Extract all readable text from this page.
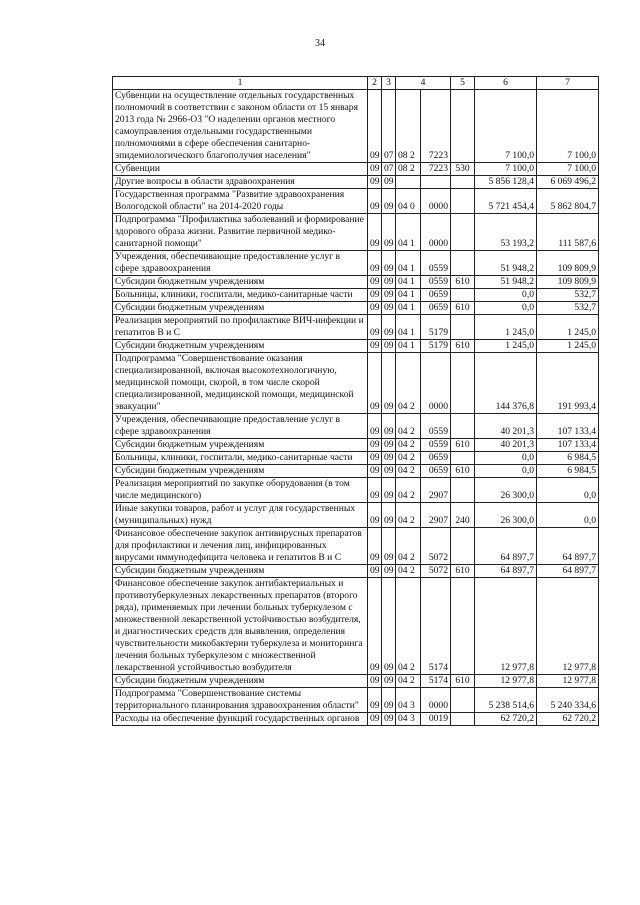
34
1	2	3	4		5	6	7
Субвенции на осуществление отдельных государственных полномочий в соответствии с законом области от 15 января 2013 года № 2966-ОЗ "О наделении органов местного самоуправления отдельными государственными полномочиями в сфере обеспечения санитарно-эпидемиологического благополучия населения"	09	07	08 2	7223		7 100,0	7 100,0
Субвенции	09	07	08 2	7223	530	7 100,0	7 100,0
Другие вопросы в области здравоохранения	09	09				5 856 128,4	6 069 496,2
Государственная программа "Развитие здравоохранения Вологодской области" на 2014-2020 годы	09	09	04 0	0000		5 721 454,4	5 862 804,7
Подпрограмма "Профилактика заболеваний и формирование здорового образа жизни. Развитие первичной медико-санитарной помощи"	09	09	04 1	0000		53 193,2	111 587,6
Учреждения, обеспечивающие предоставление услуг в сфере здравоохранения	09	09	04 1	0559		51 948,2	109 809,9
Субсидии бюджетным учреждениям	09	09	04 1	0559	610	51 948,2	109 809,9
Больницы, клиники, госпитали, медико-санитарные части	09	09	04 1	0659		0,0	532,7
Субсидии бюджетным учреждениям	09	09	04 1	0659	610	0,0	532,7
Реализация мероприятий по профилактике ВИЧ-инфекции и гепатитов В и С	09	09	04 1	5179		1 245,0	1 245,0
Субсидии бюджетным учреждениям	09	09	04 1	5179	610	1 245,0	1 245,0
Подпрограмма "Совершенствование оказания специализированной, включая высокотехнологичную, медицинской помощи, скорой, в том числе скорой специализированной, медицинской помощи, медицинской эвакуации"	09	09	04 2	0000		144 376,8	191 993,4
Учреждения, обеспечивающие предоставление услуг в сфере здравоохранения	09	09	04 2	0559		40 201,3	107 133,4
Субсидии бюджетным учреждениям	09	09	04 2	0559	610	40 201,3	107 133,4
Больницы, клиники, госпитали, медико-санитарные части	09	09	04 2	0659		0,0	6 984,5
Субсидии бюджетным учреждениям	09	09	04 2	0659	610	0,0	6 984,5
Реализация мероприятий по закупке оборудования (в том числе медицинского)	09	09	04 2	2907		26 300,0	0,0
Иные закупки товаров, работ и услуг для государственных (муниципальных) нужд	09	09	04 2	2907	240	26 300,0	0,0
Финансовое обеспечение закупок антивирусных препаратов для профилактики и лечения лиц, инфицированных вирусами иммунодефицита человека и гепатитов В и С	09	09	04 2	5072		64 897,7	64 897,7
Субсидии бюджетным учреждениям	09	09	04 2	5072	610	64 897,7	64 897,7
Финансовое обеспечение закупок антибактериальных и противотуберкулезных лекарственных препаратов (второго ряда), применяемых при лечении больных туберкулезом с множественной лекарственной устойчивостью возбудителя, и диагностических средств для выявления, определения чувствительности микобактерии туберкулеза и мониторинга лечения больных туберкулезом с множественной лекарственной устойчивостью возбудителя	09	09	04 2	5174		12 977,8	12 977,8
Субсидии бюджетным учреждениям	09	09	04 2	5174	610	12 977,8	12 977,8
Подпрограмма "Совершенствование системы территориального планирования здравоохранения области"	09	09	04 3	0000		5 238 514,6	5 240 334,6
Расходы на обеспечение функций государственных органов	09	09	04 3	0019		62 720,2	62 720,2
